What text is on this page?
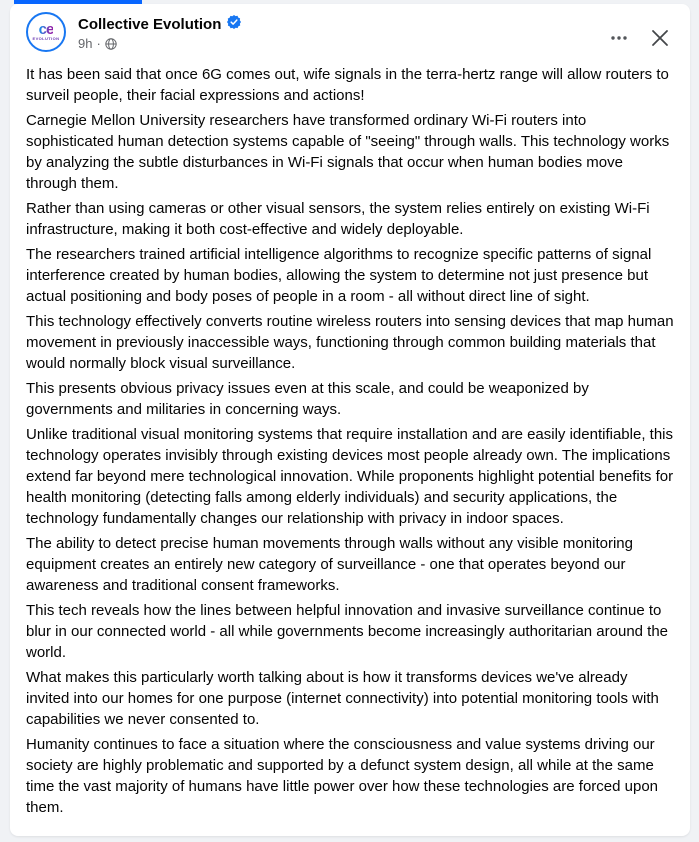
ce
EVOLUTION
Collective Evolution
9h ·

It has been said that once 6G comes out, wife signals in the terra-hertz range will allow routers to surveil people, their facial expressions and actions!

Carnegie Mellon University researchers have transformed ordinary Wi-Fi routers into sophisticated human detection systems capable of "seeing" through walls. This technology works by analyzing the subtle disturbances in Wi-Fi signals that occur when human bodies move through them.

Rather than using cameras or other visual sensors, the system relies entirely on existing Wi-Fi infrastructure, making it both cost-effective and widely deployable.

The researchers trained artificial intelligence algorithms to recognize specific patterns of signal interference created by human bodies, allowing the system to determine not just presence but actual positioning and body poses of people in a room - all without direct line of sight.

This technology effectively converts routine wireless routers into sensing devices that map human movement in previously inaccessible ways, functioning through common building materials that would normally block visual surveillance.

This presents obvious privacy issues even at this scale, and could be weaponized by governments and militaries in concerning ways.

Unlike traditional visual monitoring systems that require installation and are easily identifiable, this technology operates invisibly through existing devices most people already own. The implications extend far beyond mere technological innovation. While proponents highlight potential benefits for health monitoring (detecting falls among elderly individuals) and security applications, the technology fundamentally changes our relationship with privacy in indoor spaces.

The ability to detect precise human movements through walls without any visible monitoring equipment creates an entirely new category of surveillance - one that operates beyond our awareness and traditional consent frameworks.

This tech reveals how the lines between helpful innovation and invasive surveillance continue to blur in our connected world - all while governments become increasingly authoritarian around the world.

What makes this particularly worth talking about is how it transforms devices we've already invited into our homes for one purpose (internet connectivity) into potential monitoring tools with capabilities we never consented to.

Humanity continues to face a situation where the consciousness and value systems driving our society are highly problematic and supported by a defunct system design, all while at the same time the vast majority of humans have little power over how these technologies are forced upon them.
